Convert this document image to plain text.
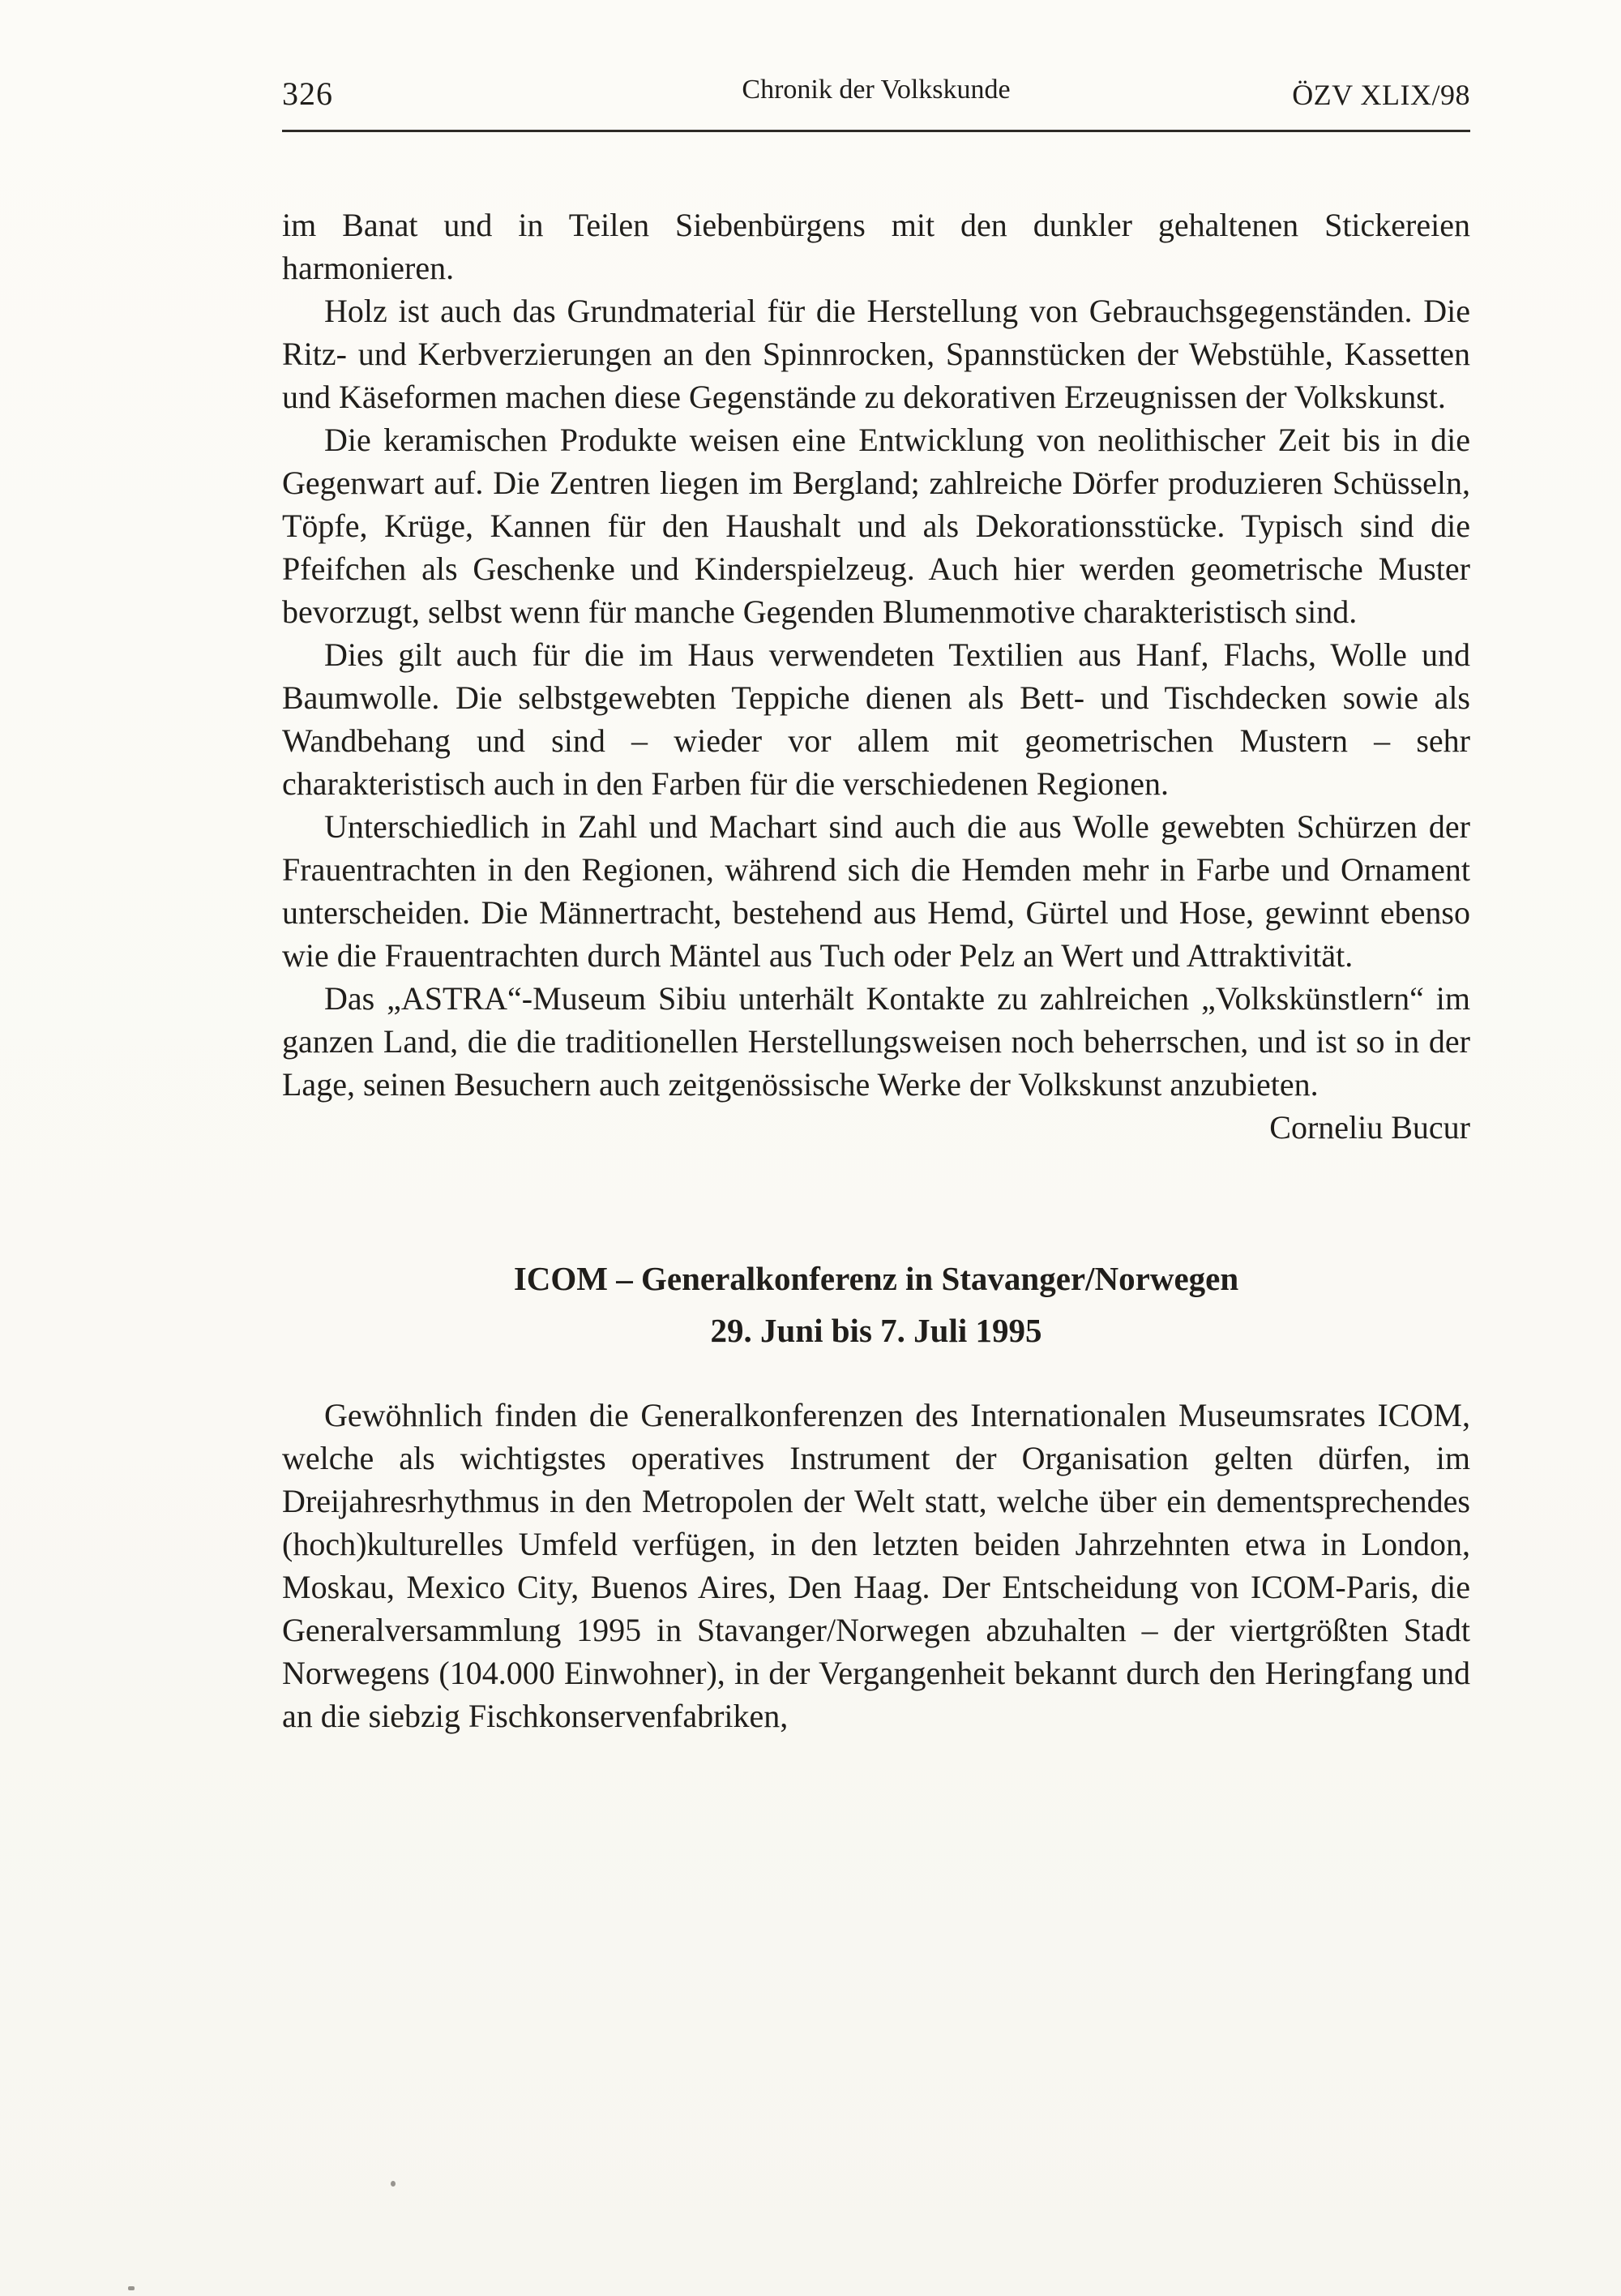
326	Chronik der Volkskunde	ÖZV XLIX/98

im Banat und in Teilen Siebenbürgens mit den dunkler gehaltenen Stickereien harmonieren.

Holz ist auch das Grundmaterial für die Herstellung von Gebrauchsgegenständen. Die Ritz- und Kerbverzierungen an den Spinnrocken, Spannstücken der Webstühle, Kassetten und Käseformen machen diese Gegenstände zu dekorativen Erzeugnissen der Volkskunst.

Die keramischen Produkte weisen eine Entwicklung von neolithischer Zeit bis in die Gegenwart auf. Die Zentren liegen im Bergland; zahlreiche Dörfer produzieren Schüsseln, Töpfe, Krüge, Kannen für den Haushalt und als Dekorationsstücke. Typisch sind die Pfeifchen als Geschenke und Kinderspielzeug. Auch hier werden geometrische Muster bevorzugt, selbst wenn für manche Gegenden Blumenmotive charakteristisch sind.

Dies gilt auch für die im Haus verwendeten Textilien aus Hanf, Flachs, Wolle und Baumwolle. Die selbstgewebten Teppiche dienen als Bett- und Tischdecken sowie als Wandbehang und sind – wieder vor allem mit geometrischen Mustern – sehr charakteristisch auch in den Farben für die verschiedenen Regionen.

Unterschiedlich in Zahl und Machart sind auch die aus Wolle gewebten Schürzen der Frauentrachten in den Regionen, während sich die Hemden mehr in Farbe und Ornament unterscheiden. Die Männertracht, bestehend aus Hemd, Gürtel und Hose, gewinnt ebenso wie die Frauentrachten durch Mäntel aus Tuch oder Pelz an Wert und Attraktivität.

Das „ASTRA“-Museum Sibiu unterhält Kontakte zu zahlreichen „Volkskünstlern“ im ganzen Land, die die traditionellen Herstellungsweisen noch beherrschen, und ist so in der Lage, seinen Besuchern auch zeitgenössische Werke der Volkskunst anzubieten.

Corneliu Bucur

ICOM – Generalkonferenz in Stavanger/Norwegen
29. Juni bis 7. Juli 1995

Gewöhnlich finden die Generalkonferenzen des Internationalen Museumsrates ICOM, welche als wichtigstes operatives Instrument der Organisation gelten dürfen, im Dreijahresrhythmus in den Metropolen der Welt statt, welche über ein dementsprechendes (hoch)kulturelles Umfeld verfügen, in den letzten beiden Jahrzehnten etwa in London, Moskau, Mexico City, Buenos Aires, Den Haag. Der Entscheidung von ICOM-Paris, die Generalversammlung 1995 in Stavanger/Norwegen abzuhalten – der viertgrößten Stadt Norwegens (104.000 Einwohner), in der Vergangenheit bekannt durch den Heringfang und an die siebzig Fischkonservenfabriken,
